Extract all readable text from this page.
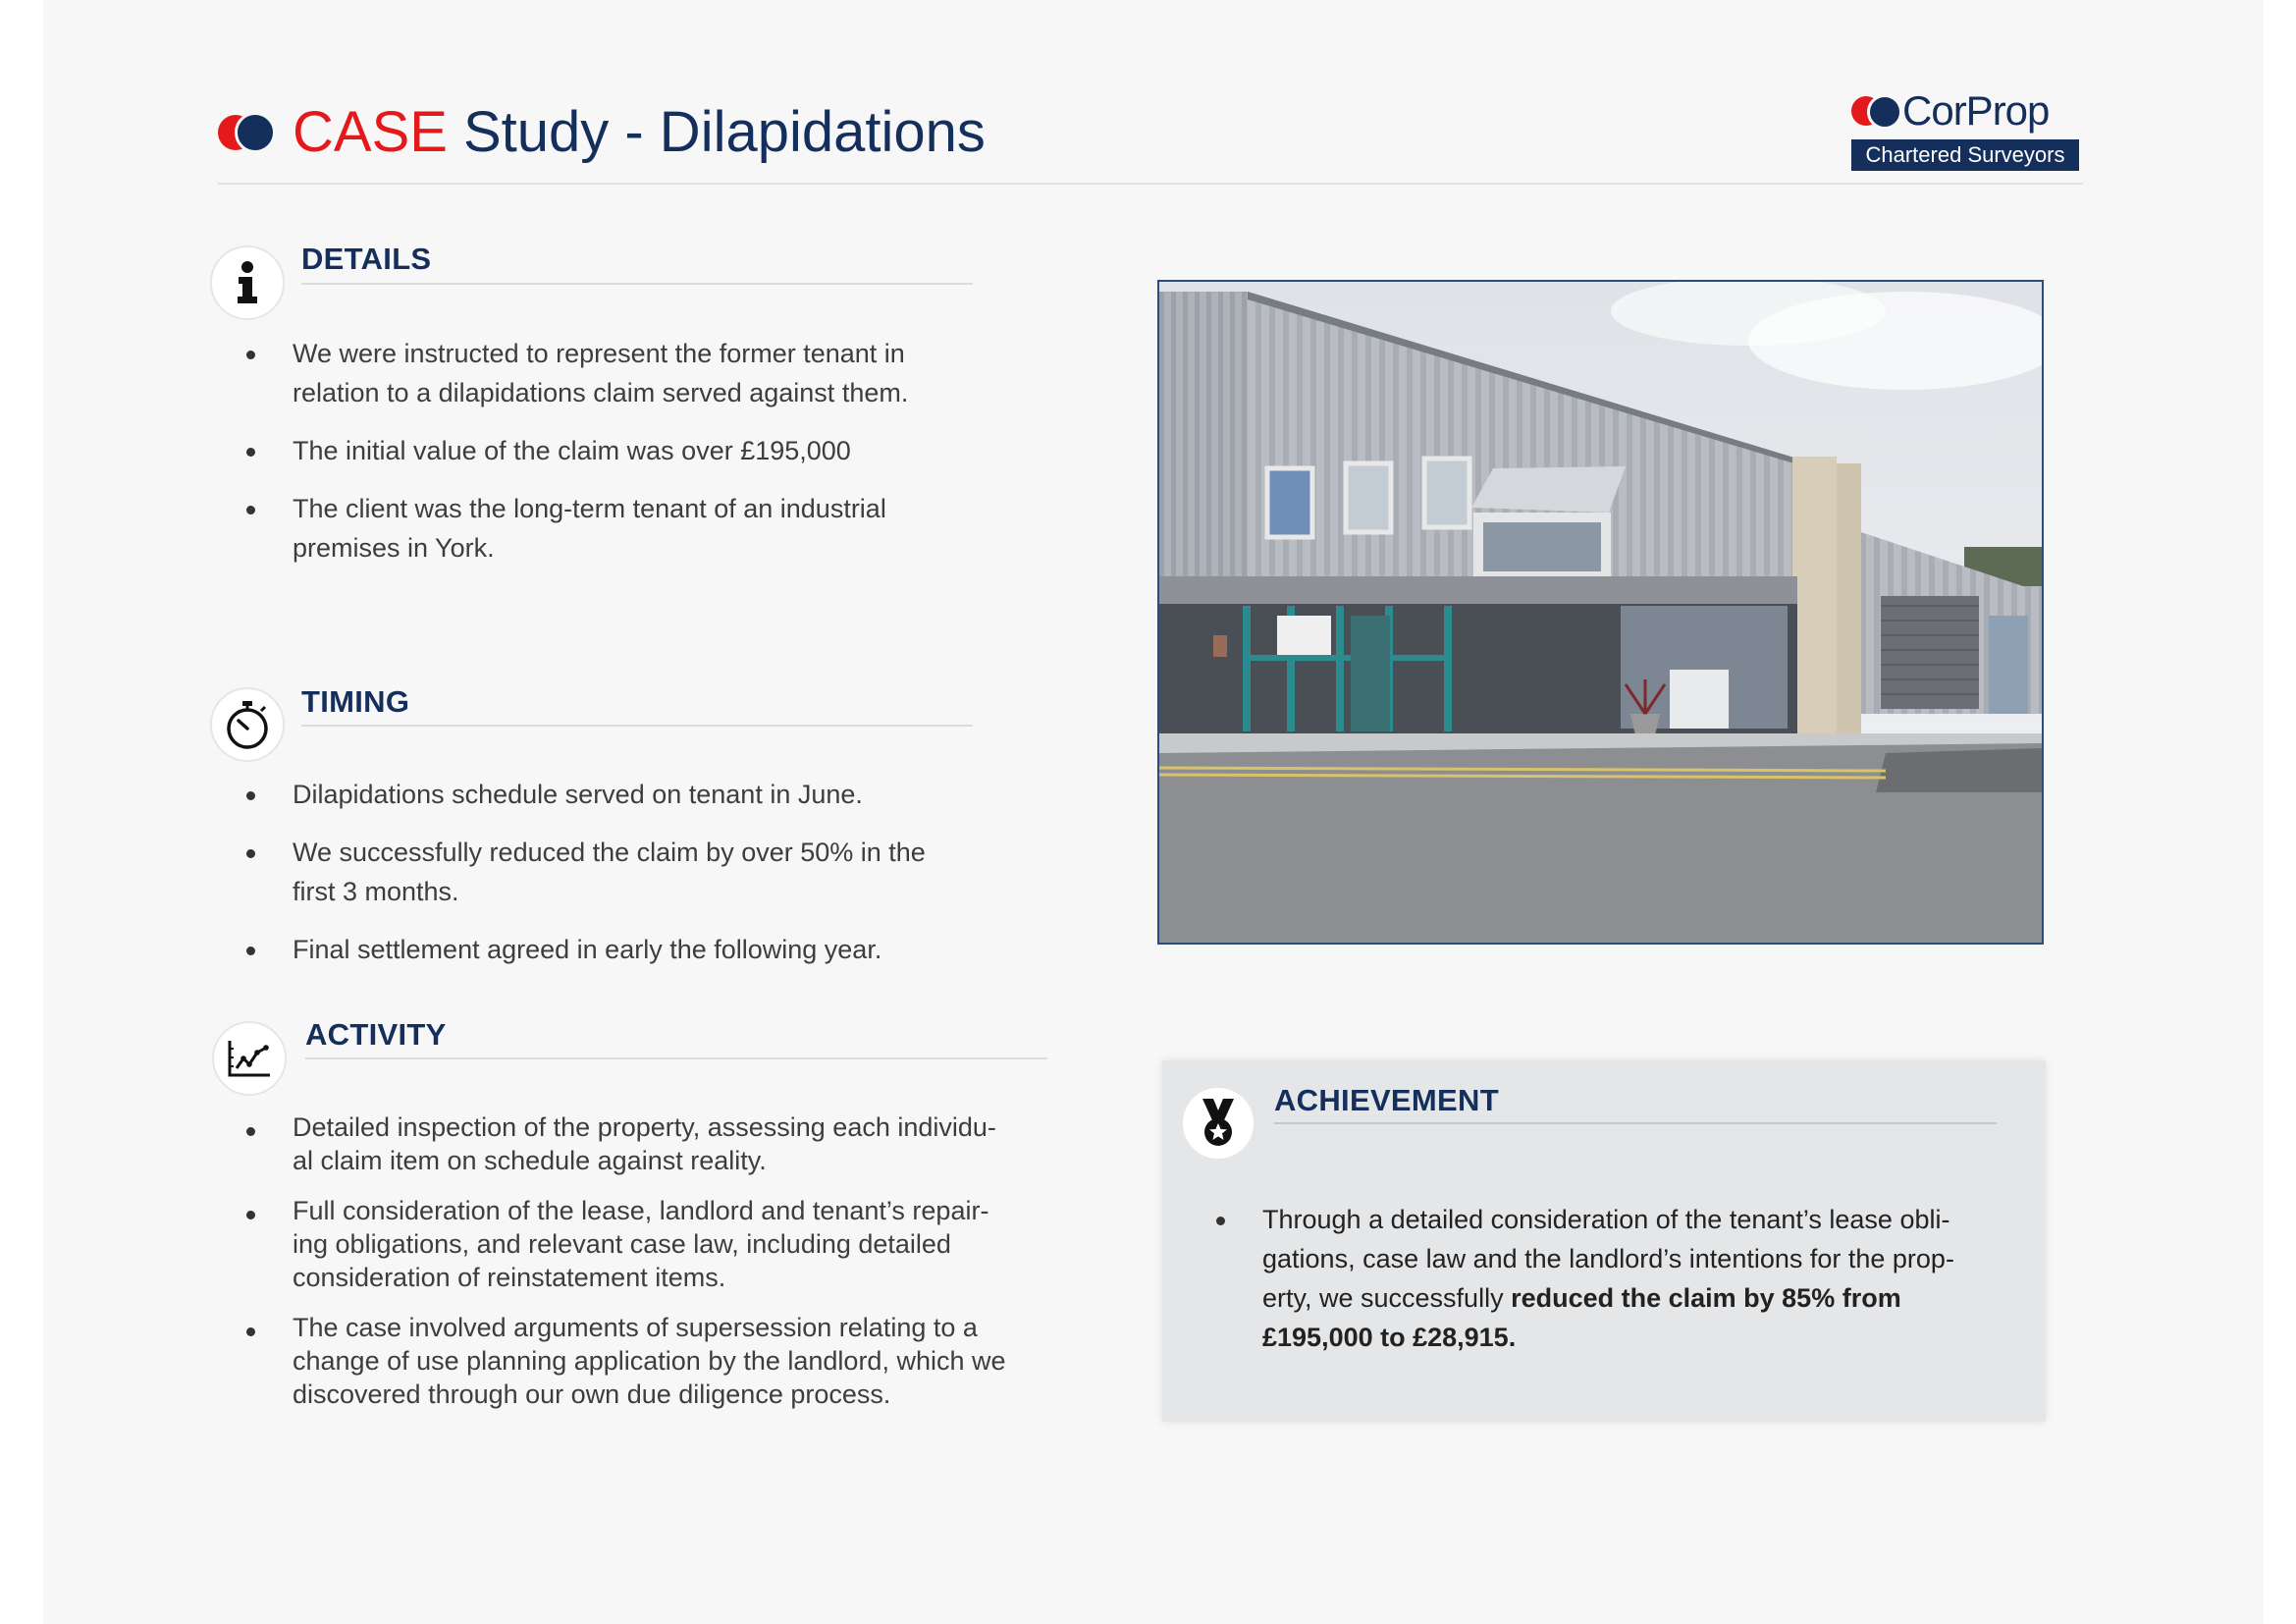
CASE Study - Dilapidations	CorProp
Chartered Surveyors
DETAILS
We were instructed to represent the former tenant in
relation to a dilapidations claim served against them.
The initial value of the claim was over £195,000
The client was the long-term tenant of an industrial
premises in York.
TIMING
Dilapidations schedule served on tenant in June.
We successfully reduced the claim by over 50% in the
first 3 months.
Final settlement agreed in early the following year.
ACTIVITY
Detailed inspection of the property, assessing each individu-
al claim item on schedule against reality.
Full consideration of the lease, landlord and tenant’s repair-
ing obligations, and relevant case law, including detailed
consideration of reinstatement items.
The case involved arguments of supersession relating to a
change of use planning application by the landlord, which we
discovered through our own due diligence process.
ACHIEVEMENT
Through a detailed consideration of the tenant’s lease obli-
gations, case law and the landlord’s intentions for the prop-
erty, we successfully reduced the claim by 85% from
£195,000 to £28,915.
